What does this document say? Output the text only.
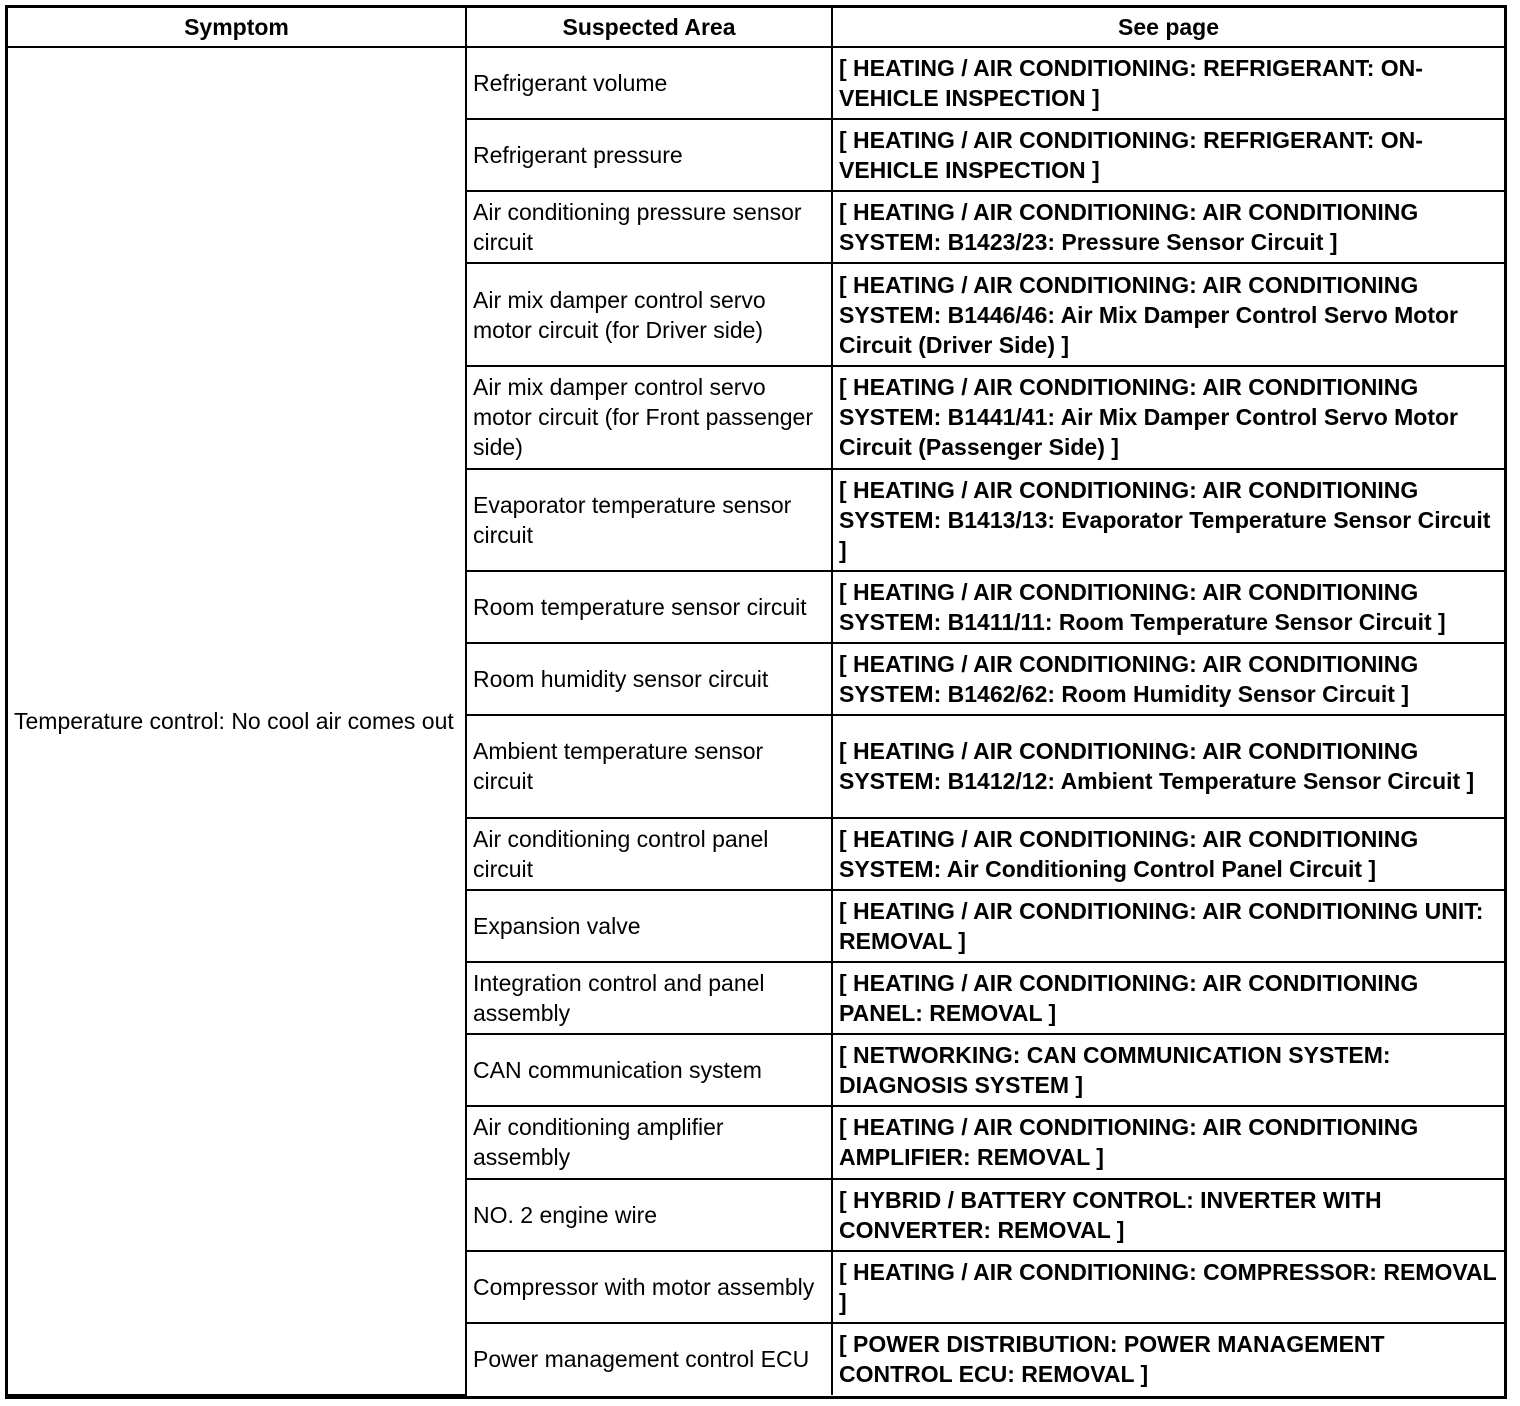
Symptom	Suspected Area	See page
Temperature control: No cool air comes out	Refrigerant volume	[ HEATING / AIR CONDITIONING: REFRIGERANT: ON-VEHICLE INSPECTION ]
	Refrigerant pressure	[ HEATING / AIR CONDITIONING: REFRIGERANT: ON-VEHICLE INSPECTION ]
	Air conditioning pressure sensor circuit	[ HEATING / AIR CONDITIONING: AIR CONDITIONING SYSTEM: B1423/23: Pressure Sensor Circuit ]
	Air mix damper control servo motor circuit (for Driver side)	[ HEATING / AIR CONDITIONING: AIR CONDITIONING SYSTEM: B1446/46: Air Mix Damper Control Servo Motor Circuit (Driver Side) ]
	Air mix damper control servo motor circuit (for Front passenger side)	[ HEATING / AIR CONDITIONING: AIR CONDITIONING SYSTEM: B1441/41: Air Mix Damper Control Servo Motor Circuit (Passenger Side) ]
	Evaporator temperature sensor circuit	[ HEATING / AIR CONDITIONING: AIR CONDITIONING SYSTEM: B1413/13: Evaporator Temperature Sensor Circuit ]
	Room temperature sensor circuit	[ HEATING / AIR CONDITIONING: AIR CONDITIONING SYSTEM: B1411/11: Room Temperature Sensor Circuit ]
	Room humidity sensor circuit	[ HEATING / AIR CONDITIONING: AIR CONDITIONING SYSTEM: B1462/62: Room Humidity Sensor Circuit ]
	Ambient temperature sensor circuit	[ HEATING / AIR CONDITIONING: AIR CONDITIONING SYSTEM: B1412/12: Ambient Temperature Sensor Circuit ]
	Air conditioning control panel circuit	[ HEATING / AIR CONDITIONING: AIR CONDITIONING SYSTEM: Air Conditioning Control Panel Circuit ]
	Expansion valve	[ HEATING / AIR CONDITIONING: AIR CONDITIONING UNIT: REMOVAL ]
	Integration control and panel assembly	[ HEATING / AIR CONDITIONING: AIR CONDITIONING PANEL: REMOVAL ]
	CAN communication system	[ NETWORKING: CAN COMMUNICATION SYSTEM: DIAGNOSIS SYSTEM ]
	Air conditioning amplifier assembly	[ HEATING / AIR CONDITIONING: AIR CONDITIONING AMPLIFIER: REMOVAL ]
	NO. 2 engine wire	[ HYBRID / BATTERY CONTROL: INVERTER WITH CONVERTER: REMOVAL ]
	Compressor with motor assembly	[ HEATING / AIR CONDITIONING: COMPRESSOR: REMOVAL ]
	Power management control ECU	[ POWER DISTRIBUTION: POWER MANAGEMENT CONTROL ECU: REMOVAL ]
